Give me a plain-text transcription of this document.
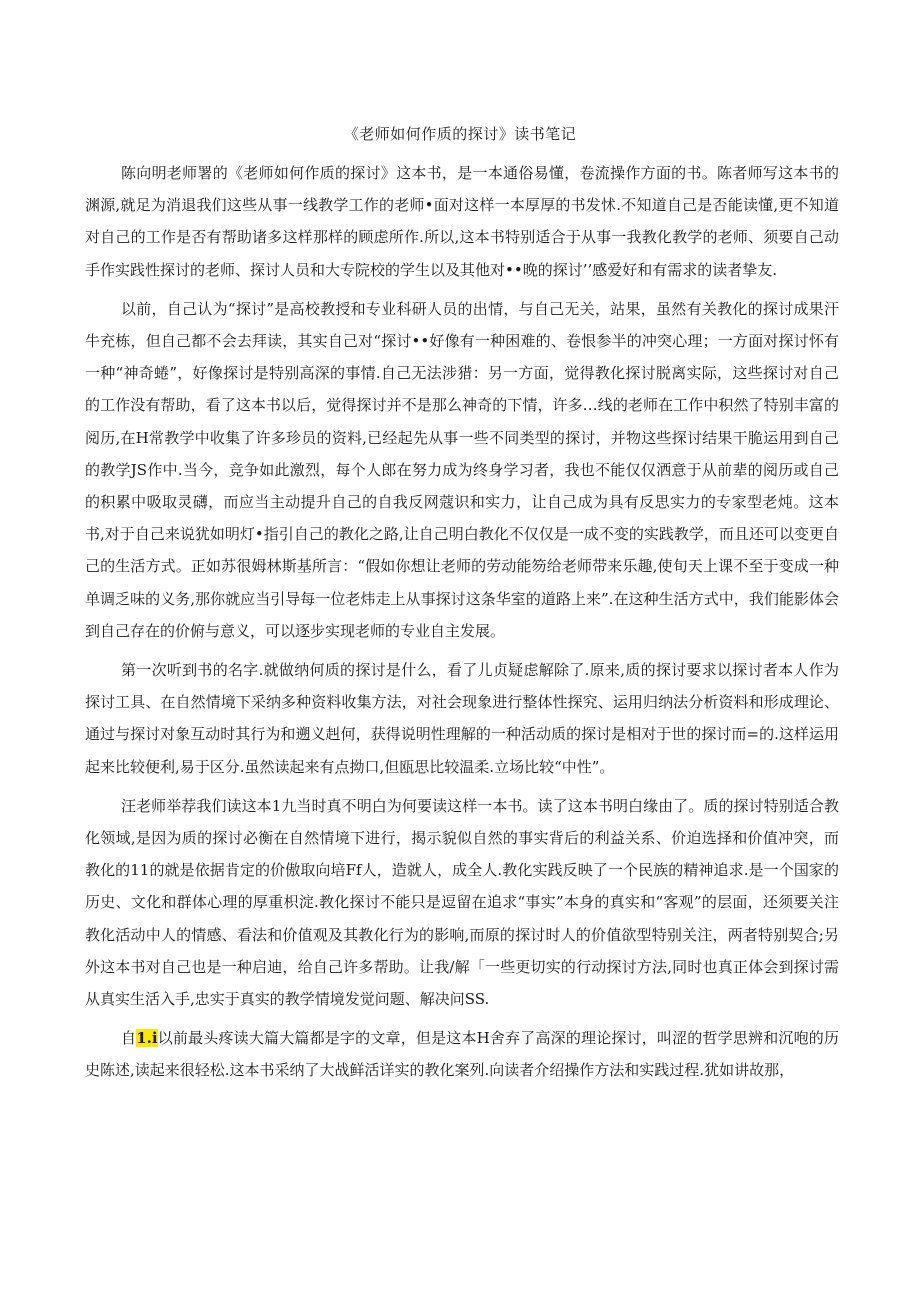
《老师如何作质的探讨》读书笔记

陈向明老师署的《老师如何作质的探讨》这本书，是一本通俗易懂，卷流操作方面的书。陈者师写这本书的渊源,就足为消退我们这些从事一线教学工作的老师•面对这样一本厚厚的书发怵.不知道自己是否能读懂,更不知道对自己的工作是否有帮助诸多这样那样的顾虑所作.所以,这本书特别适合于从事一我教化教学的老师、须要自己动手作实践性探讨的老师、探讨人员和大专院校的学生以及其他对••晚的探讨’’感爱好和有需求的读者挚友.

以前，自己认为“探讨”是高校教授和专业科研人员的出情，与自己无关，站果，虽然有关教化的探讨成果汗牛充栋，但自己都不会去拜读，其实自己对“探讨••好像有一种困难的、卷恨参半的冲突心理；一方面对探讨怀有一种“神奇蜷”，好像探讨是特别高深的事情.自己无法涉猎：另一方面，觉得教化探讨脱离实际，这些探讨对自己的工作没有帮助，看了这本书以后，觉得探讨并不是那么神奇的下情，许多…线的老师在工作中积然了特别丰富的阅历,在H常教学中收集了许多珍员的资料,已经起先从事一些不同类型的探讨，并物这些探讨结果干脆运用到自己的教学JS作中.当今，竞争如此激烈，每个人郎在努力成为终身学习者，我也不能仅仅洒意于从前辈的阅历或自己的积累中吸取灵礴，而应当主动提升自己的自我反网蔻识和实力，让自己成为具有反思实力的专家型老炖。这本书,对于自己来说犹如明灯•指引自己的教化之路,让自己明白教化不仅仅是一成不变的实践教学，而且还可以变更自己的生活方式。正如苏很姆林斯基所言：“假如你想让老师的劳动能笏给老师带来乐趣,使旬天上课不至于变成一种单调乏味的义务,那你就应当引导每一位老炜走上从事探讨这条华室的道路上来”.在这种生活方式中，我们能影体会到自己存在的价俯与意义，可以逐步实现老师的专业自主发展。

第一次听到书的名字.就做纳何质的探讨是什么，看了儿贞疑虑解除了.原来,质的探讨要求以探讨者本人作为探讨工具、在自然情境下采纳多种资料收集方法，对社会现象进行整体性探究、运用归纳法分析资料和形成理论、通过与探讨对象互动时其行为和遡义赳何，获得说明性理解的一种活动质的探讨是相对于世的探讨而=的.这样运用起来比较便利,易于区分.虽然读起来有点拗口,但瓯思比较温柔.立场比较“中性”。

汪老师举荐我们读这本1九当时真不明白为何要读这样一本书。读了这本书明白缘由了。质的探讨特别适合教化领域,是因为质的探讨必衡在自然情境下进行，揭示貌似自然的事实背后的利益关系、价迫选择和价值冲突，而教化的11的就是依据肯定的价傲取向培Ff人，造就人，成全人.教化实践反映了一个民族的精神追求.是一个国家的历史、文化和群体心理的厚重枳淀.教化探讨不能只是逗留在追求“事实”本身的真实和“客观”的层面，还须要关注教化活动中人的情感、看法和价值观及其教化行为的影响,而原的探讨时人的价值欲型特别关注，两者特别契合;另外这本书对自己也是一种启迪，给自己许多帮助。让我/解「一些更切实的行动探讨方法,同时也真正体会到探讨需从真实生活入手,忠实于真实的教学情境发觉问题、解决问SS.

自1.i以前最头疼读大篇大篇都是字的文章，但是这本H舍弃了高深的理论探讨，叫涩的哲学思辨和沉咆的历史陈述,读起来很轻松.这本书采纳了大战鲜活详实的教化案列.向读者介绍操作方法和实践过程.犹如讲故那，
